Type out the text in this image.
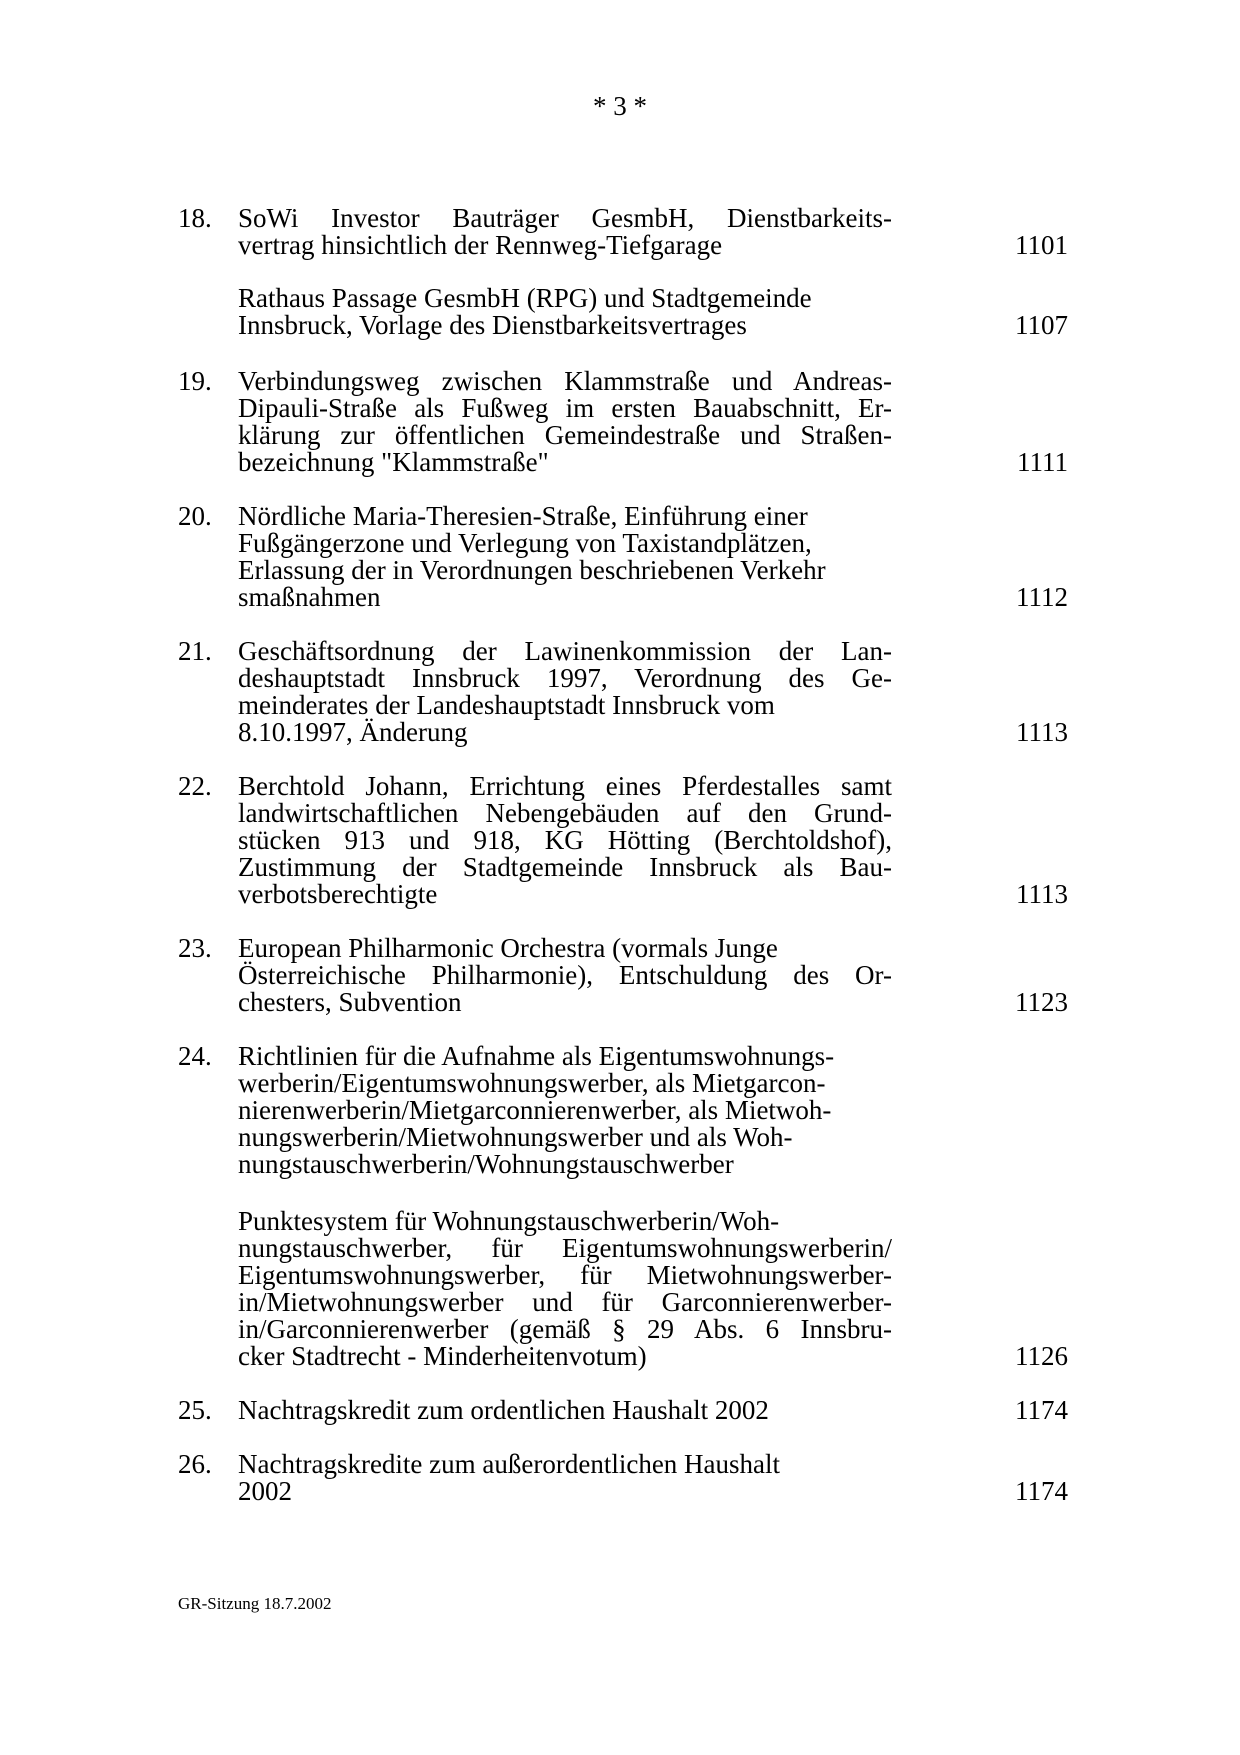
* 3 *
18. SoWi Investor Bauträger GesmbH, Dienstbarkeits-
vertrag hinsichtlich der Rennweg-Tiefgarage	1101
Rathaus Passage GesmbH (RPG) und Stadtgemeinde
Innsbruck, Vorlage des Dienstbarkeitsvertrages	1107
19. Verbindungsweg zwischen Klammstraße und Andreas-
Dipauli-Straße als Fußweg im ersten Bauabschnitt, Er-
klärung zur öffentlichen Gemeindestraße und Straßen-
bezeichnung "Klammstraße"	1111
20. Nördliche Maria-Theresien-Straße, Einführung einer
Fußgängerzone und Verlegung von Taxistandplätzen,
Erlassung der in Verordnungen beschriebenen Verkehr
smaßnahmen	1112
21. Geschäftsordnung der Lawinenkommission der Lan-
deshauptstadt Innsbruck 1997, Verordnung des Ge-
meinderates der Landeshauptstadt Innsbruck vom
8.10.1997, Änderung	1113
22. Berchtold Johann, Errichtung eines Pferdestalles samt
landwirtschaftlichen Nebengebäuden auf den Grund-
stücken 913 und 918, KG Hötting (Berchtoldshof),
Zustimmung der Stadtgemeinde Innsbruck als Bau-
verbotsberechtigte	1113
23. European Philharmonic Orchestra (vormals Junge
Österreichische Philharmonie), Entschuldung des Or-
chesters, Subvention	1123
24. Richtlinien für die Aufnahme als Eigentumswohnungs-
werberin/Eigentumswohnungswerber, als Mietgarcon-
nierenwerberin/Mietgarconnierenwerber, als Mietwoh-
nungswerberin/Mietwohnungswerber und als Woh-
nungstauschwerberin/Wohnungstauschwerber
Punktesystem für Wohnungstauschwerberin/Woh-
nungstauschwerber, für Eigentumswohnungswerberin/
Eigentumswohnungswerber, für Mietwohnungswerber-
in/Mietwohnungswerber und für Garconnierenwerber-
in/Garconnierenwerber (gemäß § 29 Abs. 6 Innsbru-
cker Stadtrecht - Minderheitenvotum)	1126
25. Nachtragskredit zum ordentlichen Haushalt 2002	1174
26. Nachtragskredite zum außerordentlichen Haushalt
2002	1174
GR-Sitzung 18.7.2002
